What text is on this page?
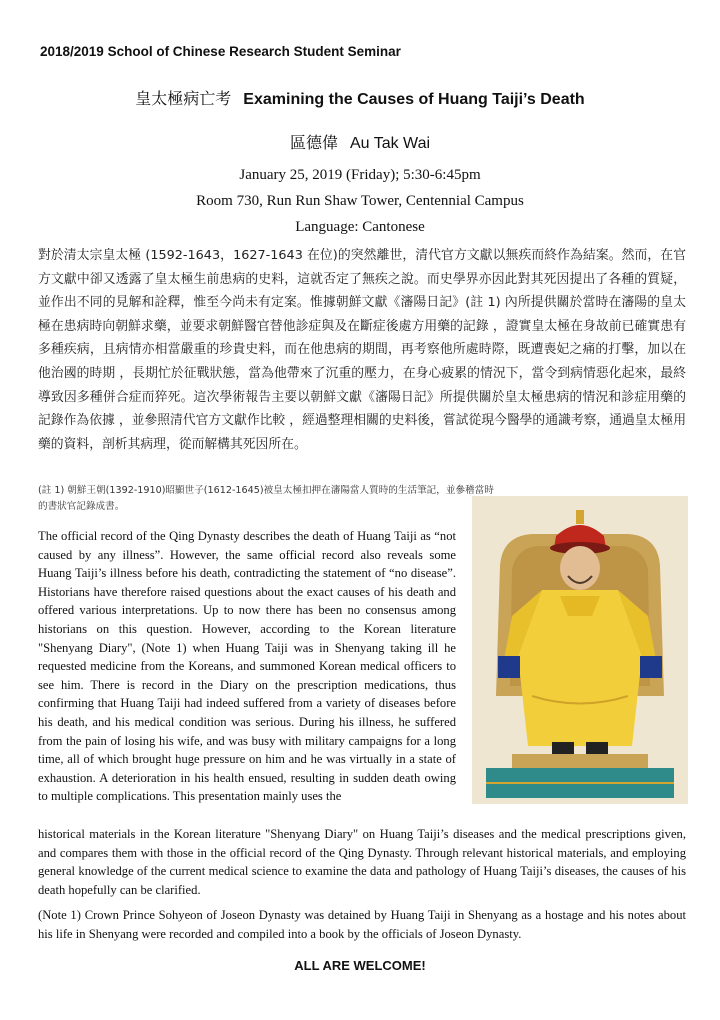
2018/2019 School of Chinese Research Student Seminar
皇太極病亡考 Examining the Causes of Huang Taiji’s Death
區德偉 Au Tak Wai
January 25, 2019 (Friday); 5:30-6:45pm
Room 730, Run Run Shaw Tower, Centennial Campus
Language: Cantonese
對於清太宗皇太極 (1592-1643，1627-1643 在位)的突然離世，清代官方文獻以無疾而終作為結案。然而，在官方文獻中卻又透露了皇太極生前患病的史料，這就否定了無疾之說。而史學界亦因此對其死因提出了各種的質疑，並作出不同的見解和詮釋，惟至今尚未有定案。惟據朝鮮文獻《瀋陽日記》(註 1) 內所提供關於當時在瀋陽的皇太極在患病時向朝鮮求藥，並要求朝鮮醫官替他診症與及在斷症後處方用藥的記錄 ，證實皇太極在身故前已確實患有多種疾病，且病情亦相當嚴重的珍貴史料，而在他患病的期間，再考察他所處時際，既遭喪妃之痛的打擊，加以在他治國的時期 ，長期忙於征戰狀態，當為他帶來了沉重的壓力，在身心疲累的情況下，當令到病情惡化起來，最終導致因多種併合症而猝死。這次學術報告主要以朝鮮文獻《瀋陽日記》所提供關於皇太極患病的情況和診症用藥的記錄作為依據 ，並參照清代官方文獻作比較 ，經過整理相關的史料後，嘗試從現今醫學的通識考察，通過皇太極用藥的資料，剖析其病理，從而解構其死因所在。
(註 1) 朝鮮王朝(1392-1910)昭顯世子(1612-1645)被皇太極扣押在瀋陽當人質時的生活筆記，並參稽當時的書狀官記錄成書。
The official record of the Qing Dynasty describes the death of Huang Taiji as “not caused by any illness”. However, the same official record also reveals some Huang Taiji’s illness before his death, contradicting the statement of “no disease”. Historians have therefore raised questions about the exact causes of his death and offered various interpretations. Up to now there has been no consensus among historians on this question. However, according to the Korean literature "Shenyang Diary", (Note 1) when Huang Taiji was in Shenyang taking ill he requested medicine from the Koreans, and summoned Korean medical officers to see him. There is record in the Diary on the prescription medications, thus confirming that Huang Taiji had indeed suffered from a variety of diseases before his death, and his medical condition was serious. During his illness, he suffered from the pain of losing his wife, and was busy with military campaigns for a long time, all of which brought huge pressure on him and he was virtually in a state of exhaustion. A deterioration in his health ensued, resulting in sudden death owing to multiple complications. This presentation mainly uses the
historical materials in the Korean literature "Shenyang Diary" on Huang Taiji’s diseases and the medical prescriptions given, and compares them with those in the official record of the Qing Dynasty. Through relevant historical materials, and employing general knowledge of the current medical science to examine the data and pathology of Huang Taiji’s diseases, the causes of his death hopefully can be clarified.
(Note 1) Crown Prince Sohyeon of Joseon Dynasty was detained by Huang Taiji in Shenyang as a hostage and his notes about his life in Shenyang were recorded and compiled into a book by the officials of Joseon Dynasty.
ALL ARE WELCOME!
